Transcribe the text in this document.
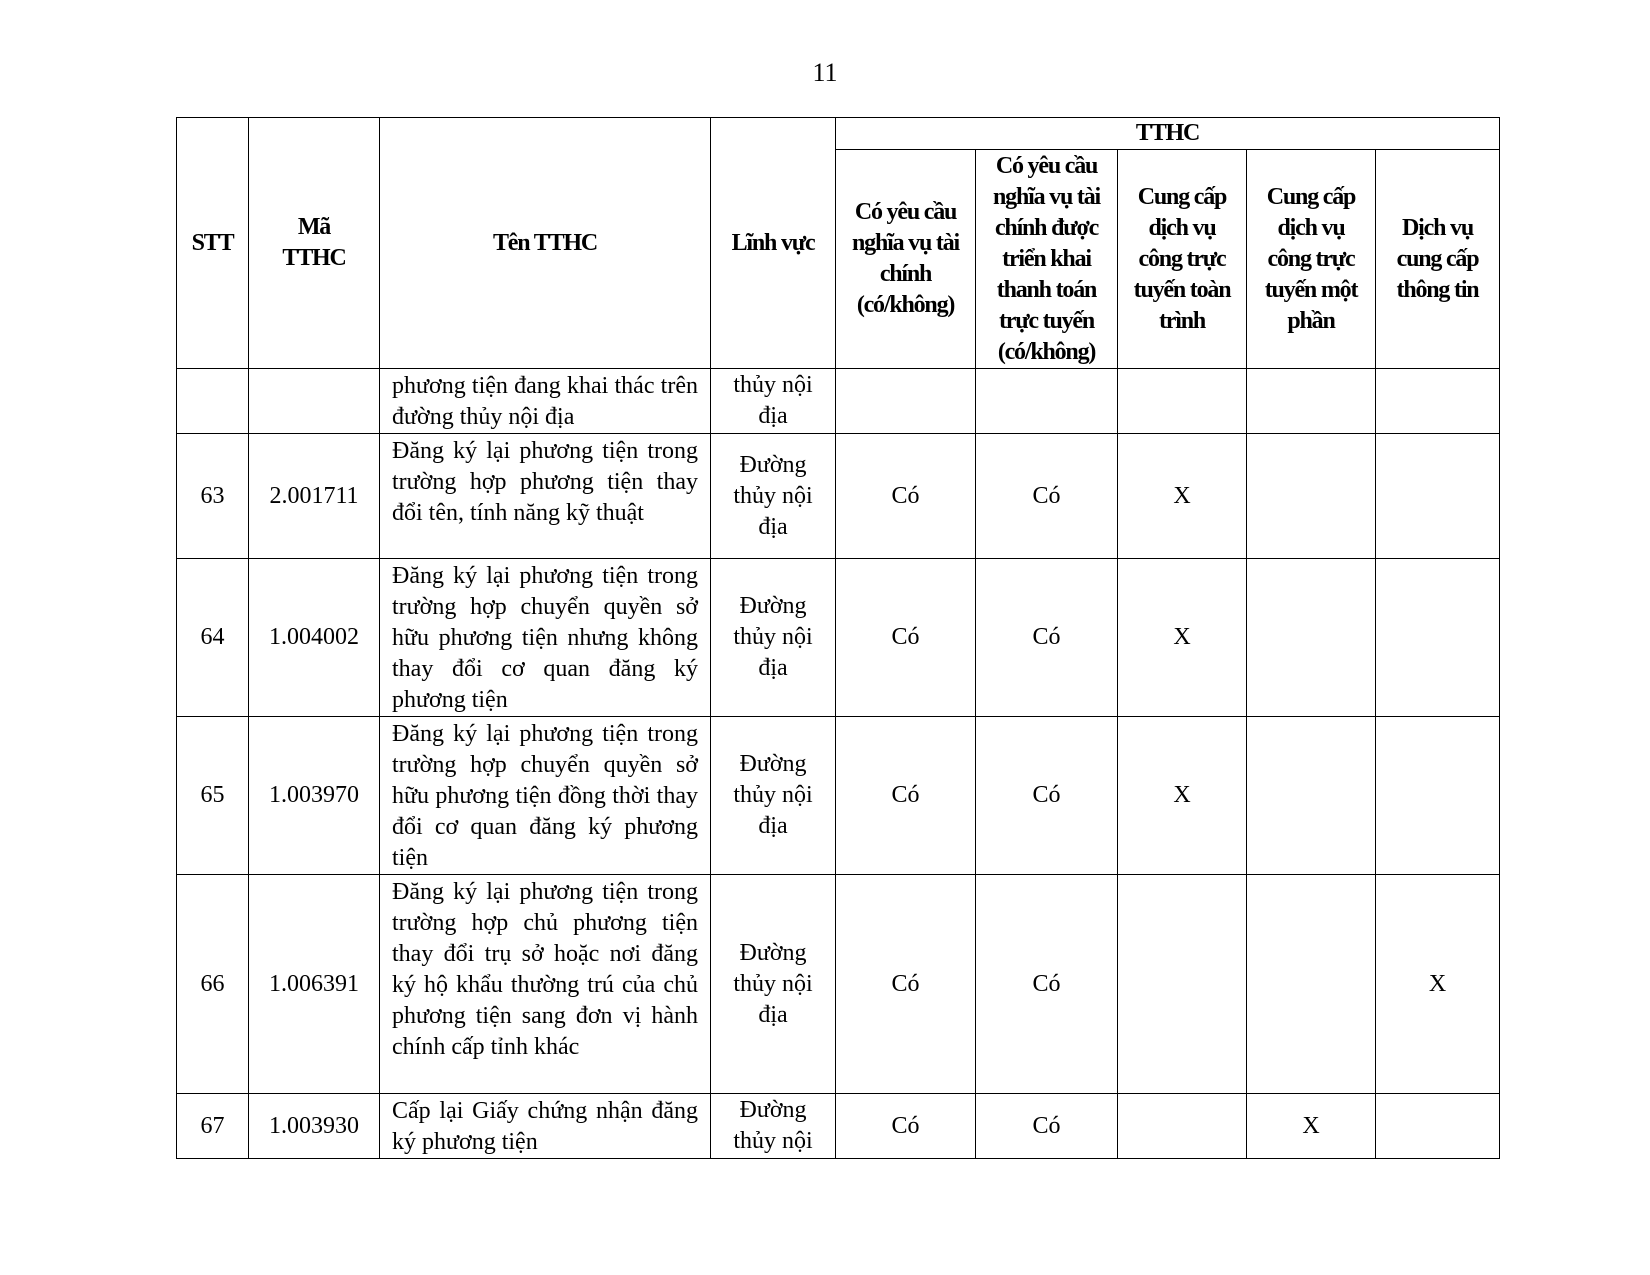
11
STT	Mã TTHC	Tên TTHC	Lĩnh vực	TTHC				
				Có yêu cầu nghĩa vụ tài chính (có/không)	Có yêu cầu nghĩa vụ tài chính được triển khai thanh toán trực tuyến (có/không)	Cung cấp dịch vụ công trực tuyến toàn trình	Cung cấp dịch vụ công trực tuyến một phần	Dịch vụ cung cấp thông tin
		phương tiện đang khai thác trên đường thủy nội địa	thủy nội địa					
63	2.001711	Đăng ký lại phương tiện trong trường hợp phương tiện thay đổi tên, tính năng kỹ thuật	Đường thủy nội địa	Có	Có	X		
64	1.004002	Đăng ký lại phương tiện trong trường hợp chuyển quyền sở hữu phương tiện nhưng không thay đổi cơ quan đăng ký phương tiện	Đường thủy nội địa	Có	Có	X		
65	1.003970	Đăng ký lại phương tiện trong trường hợp chuyển quyền sở hữu phương tiện đồng thời thay đổi cơ quan đăng ký phương tiện	Đường thủy nội địa	Có	Có	X		
66	1.006391	Đăng ký lại phương tiện trong trường hợp chủ phương tiện thay đổi trụ sở hoặc nơi đăng ký hộ khẩu thường trú của chủ phương tiện sang đơn vị hành chính cấp tỉnh khác	Đường thủy nội địa	Có	Có			X
67	1.003930	Cấp lại Giấy chứng nhận đăng ký phương tiện	Đường thủy nội	Có	Có		X	
